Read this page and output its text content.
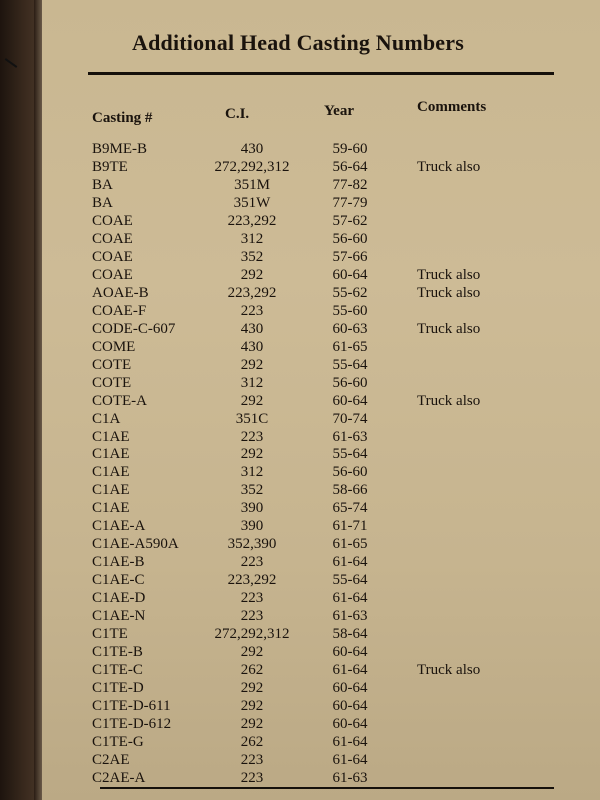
Additional Head Casting Numbers
Casting #	C.I.	Year	Comments
B9ME-B	430	59-60
B9TE	272,292,312	56-64	Truck also
BA	351M	77-82
BA	351W	77-79
COAE	223,292	57-62
COAE	312	56-60
COAE	352	57-66
COAE	292	60-64	Truck also
AOAE-B	223,292	55-62	Truck also
COAE-F	223	55-60
CODE-C-607	430	60-63	Truck also
COME	430	61-65
COTE	292	55-64
COTE	312	56-60
COTE-A	292	60-64	Truck also
C1A	351C	70-74
C1AE	223	61-63
C1AE	292	55-64
C1AE	312	56-60
C1AE	352	58-66
C1AE	390	65-74
C1AE-A	390	61-71
C1AE-A590A	352,390	61-65
C1AE-B	223	61-64
C1AE-C	223,292	55-64
C1AE-D	223	61-64
C1AE-N	223	61-63
C1TE	272,292,312	58-64
C1TE-B	292	60-64
C1TE-C	262	61-64	Truck also
C1TE-D	292	60-64
C1TE-D-611	292	60-64
C1TE-D-612	292	60-64
C1TE-G	262	61-64
C2AE	223	61-64
C2AE-A	223	61-63
